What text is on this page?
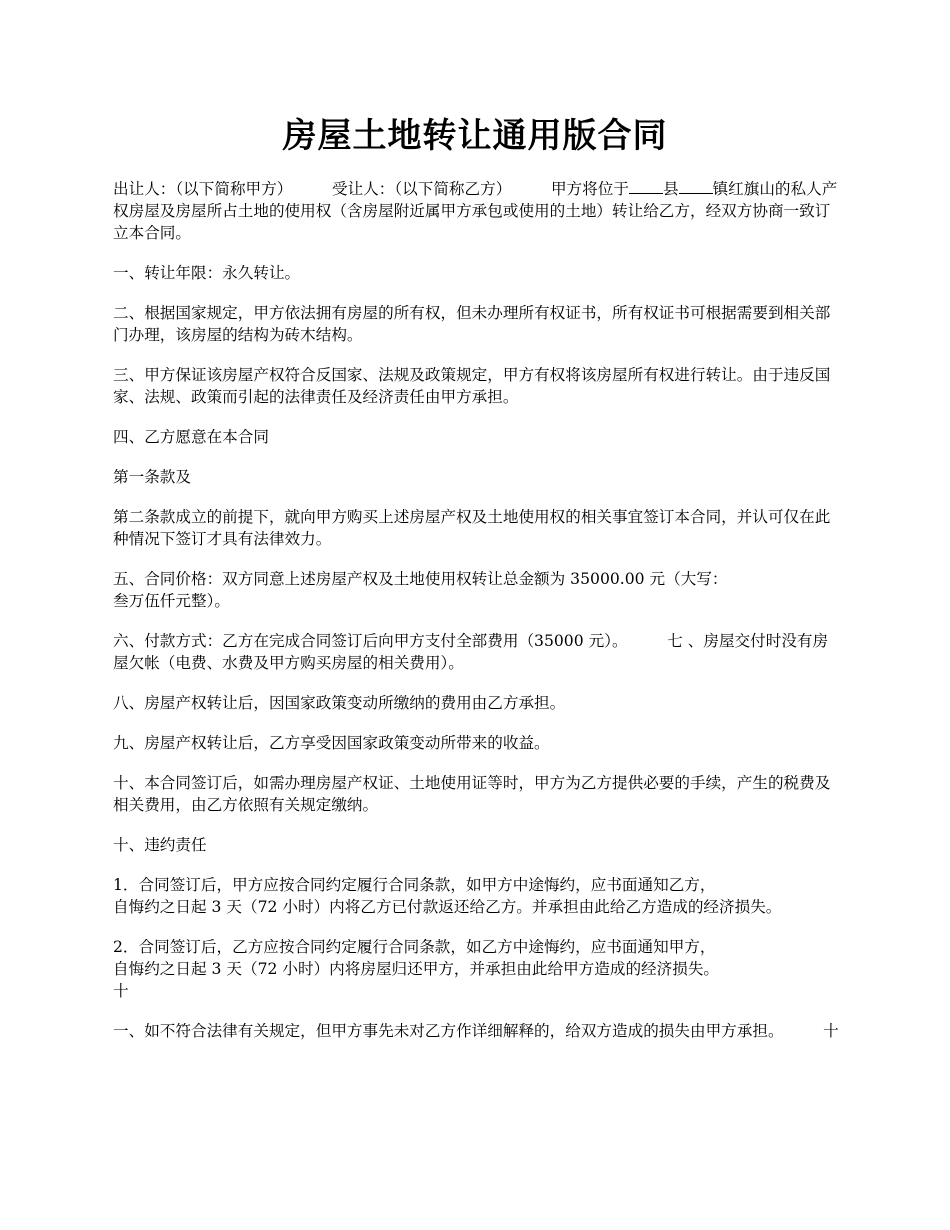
房屋土地转让通用版合同

出让人：（以下简称甲方）        受让人：（以下简称乙方）        甲方将位于 县 镇红旗山的私人产权房屋及房屋所占土地的使用权（含房屋附近属甲方承包或使用的土地）转让给乙方，经双方协商一致订立本合同。

一、转让年限：永久转让。

二、根据国家规定，甲方依法拥有房屋的所有权，但未办理所有权证书，所有权证书可根据需要到相关部门办理，该房屋的结构为砖木结构。

三、甲方保证该房屋产权符合反国家、法规及政策规定，甲方有权将该房屋所有权进行转让。由于违反国家、法规、政策而引起的法律责任及经济责任由甲方承担。

四、乙方愿意在本合同

第一条款及

第二条款成立的前提下，就向甲方购买上述房屋产权及土地使用权的相关事宜签订本合同，并认可仅在此种情况下签订才具有法律效力。

五、合同价格：双方同意上述房屋产权及土地使用权转让总金额为 35000.00 元（大写：
叁万伍仟元整）。

六、付款方式：乙方在完成合同签订后向甲方支付全部费用（35000 元）。        七 、房屋交付时没有房屋欠帐（电费、水费及甲方购买房屋的相关费用）。

八、房屋产权转让后，因国家政策变动所缴纳的费用由乙方承担。

九、房屋产权转让后，乙方享受因国家政策变动所带来的收益。

十、本合同签订后，如需办理房屋产权证、土地使用证等时，甲方为乙方提供必要的手续，产生的税费及相关费用，由乙方依照有关规定缴纳。

十、违约责任

1．合同签订后，甲方应按合同约定履行合同条款，如甲方中途悔约，应书面通知乙方，
自悔约之日起 3 天（72 小时）内将乙方已付款返还给乙方。并承担由此给乙方造成的经济损失。

2．合同签订后，乙方应按合同约定履行合同条款，如乙方中途悔约，应书面通知甲方，
自悔约之日起 3 天（72 小时）内将房屋归还甲方，并承担由此给甲方造成的经济损失。
十

一、如不符合法律有关规定，但甲方事先未对乙方作详细解释的，给双方造成的损失由甲方承担。        十
